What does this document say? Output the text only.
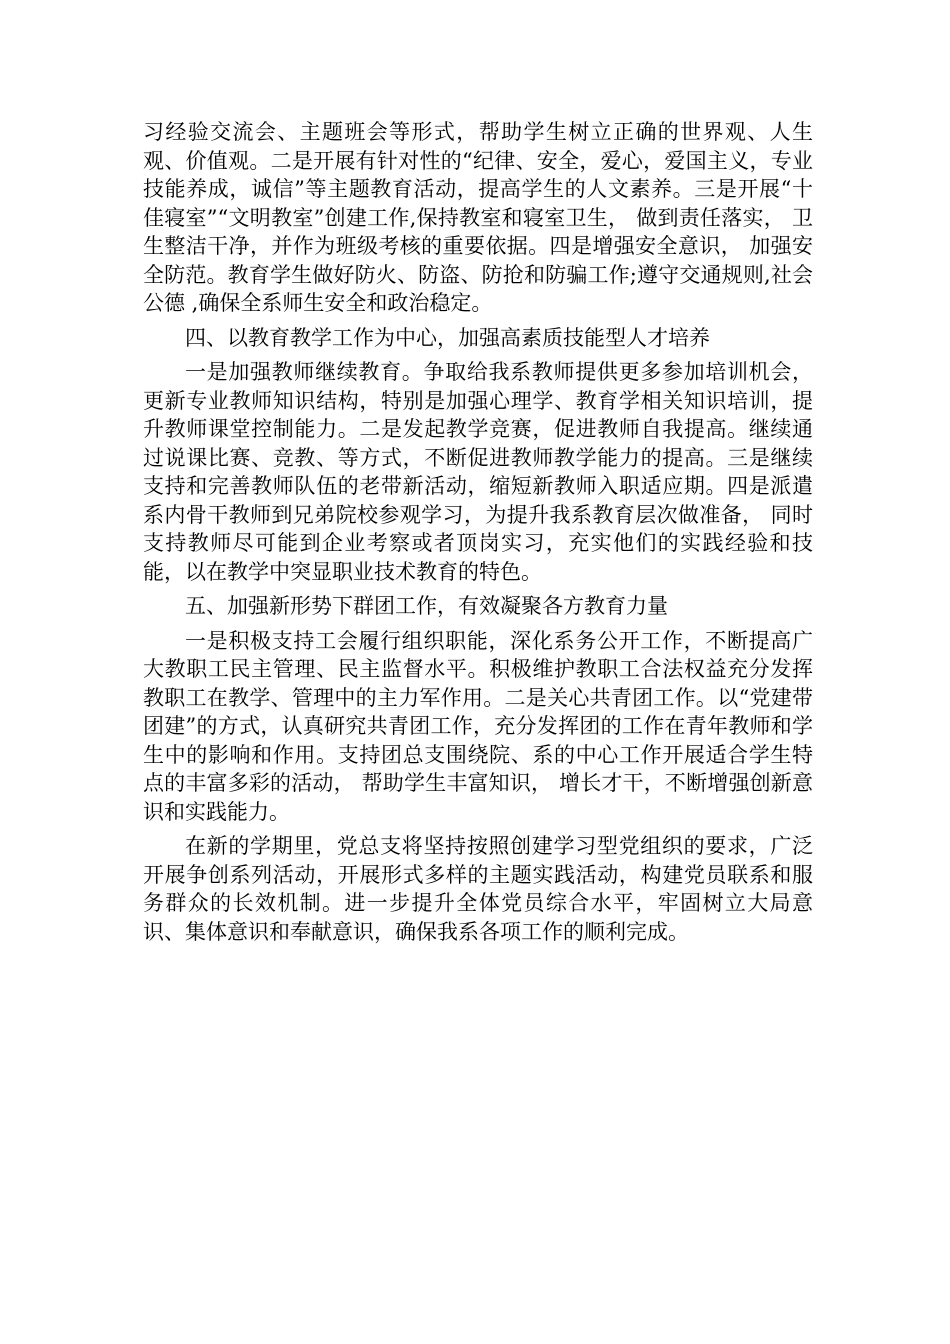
习经验交流会、主题班会等形式，帮助学生树立正确的世界观、人生观、价值观。二是开展有针对性的“纪律、安全，爱心，爱国主义，专业技能养成，诚信”等主题教育活动，提高学生的人文素养。三是开展“十佳寝室”“文明教室”创建工作,保持教室和寝室卫生， 做到责任落实， 卫生整洁干净，并作为班级考核的重要依据。四是增强安全意识， 加强安全防范。教育学生做好防火、防盗、防抢和防骗工作;遵守交通规则,社会公德 ,确保全系师生安全和政治稳定。

四、以教育教学工作为中心，加强高素质技能型人才培养

一是加强教师继续教育。争取给我系教师提供更多参加培训机会，更新专业教师知识结构，特别是加强心理学、教育学相关知识培训，提升教师课堂控制能力。二是发起教学竞赛，促进教师自我提高。继续通过说课比赛、竞教、等方式，不断促进教师教学能力的提高。三是继续支持和完善教师队伍的老带新活动，缩短新教师入职适应期。四是派遣系内骨干教师到兄弟院校参观学习，为提升我系教育层次做准备， 同时支持教师尽可能到企业考察或者顶岗实习，充实他们的实践经验和技能，以在教学中突显职业技术教育的特色。

五、加强新形势下群团工作，有效凝聚各方教育力量

一是积极支持工会履行组织职能，深化系务公开工作，不断提高广大教职工民主管理、民主监督水平。积极维护教职工合法权益充分发挥教职工在教学、管理中的主力军作用。二是关心共青团工作。以“党建带团建”的方式，认真研究共青团工作，充分发挥团的工作在青年教师和学生中的影响和作用。支持团总支围绕院、系的中心工作开展适合学生特点的丰富多彩的活动， 帮助学生丰富知识， 增长才干，不断增强创新意识和实践能力。

在新的学期里，党总支将坚持按照创建学习型党组织的要求，广泛开展争创系列活动，开展形式多样的主题实践活动，构建党员联系和服务群众的长效机制。进一步提升全体党员综合水平，牢固树立大局意识、集体意识和奉献意识，确保我系各项工作的顺利完成。
